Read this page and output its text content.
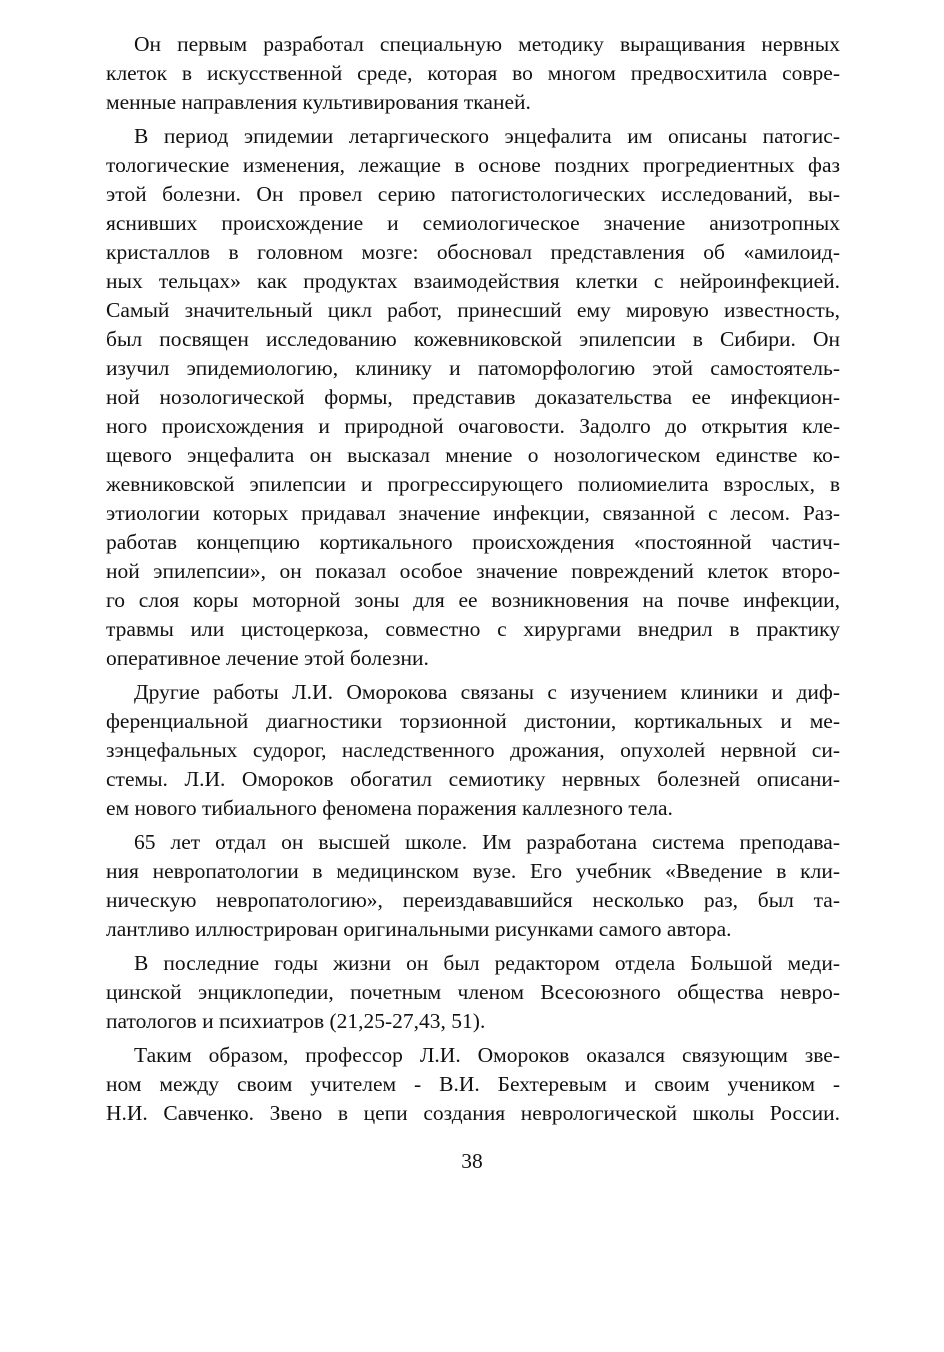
Он первым разработал специальную методику выращивания нервных
клеток в искусственной среде, которая во многом предвосхитила совре-
менные направления культивирования тканей.

В период эпидемии летаргического энцефалита им описаны патогис-
тологические изменения, лежащие в основе поздних прогредиентных фаз
этой болезни. Он провел серию патогистологических исследований, вы-
яснивших происхождение и семиологическое значение анизотропных
кристаллов в головном мозге: обосновал представления об «амилоид-
ных тельцах» как продуктах взаимодействия клетки с нейроинфекцией.
Самый значительный цикл работ, принесший ему мировую известность,
был посвящен исследованию кожевниковской эпилепсии в Сибири. Он
изучил эпидемиологию, клинику и патоморфологию этой самостоятель-
ной нозологической формы, представив доказательства ее инфекцион-
ного происхождения и природной очаговости. Задолго до открытия кле-
щевого энцефалита он высказал мнение о нозологическом единстве ко-
жевниковской эпилепсии и прогрессирующего полиомиелита взрослых, в
этиологии которых придавал значение инфекции, связанной с лесом. Раз-
работав концепцию кортикального происхождения «постоянной частич-
ной эпилепсии», он показал особое значение повреждений клеток второ-
го слоя коры моторной зоны для ее возникновения на почве инфекции,
травмы или цистоцеркоза, совместно с хирургами внедрил в практику
оперативное лечение этой болезни.

Другие работы Л.И. Оморокова связаны с изучением клиники и диф-
ференциальной диагностики торзионной дистонии, кортикальных и ме-
зэнцефальных судорог, наследственного дрожания, опухолей нервной си-
стемы. Л.И. Омороков обогатил семиотику нервных болезней описани-
ем нового тибиального феномена поражения каллезного тела.

65 лет отдал он высшей школе. Им разработана система преподава-
ния невропатологии в медицинском вузе. Его учебник «Введение в кли-
ническую невропатологию», переиздававшийся несколько раз, был та-
лантливо иллюстрирован оригинальными рисунками самого автора.

В последние годы жизни он был редактором отдела Большой меди-
цинской энциклопедии, почетным членом Всесоюзного общества невро-
патологов и психиатров (21,25-27,43, 51).

Таким образом, профессор Л.И. Омороков оказался связующим зве-
ном между своим учителем - В.И. Бехтеревым и своим учеником -
Н.И. Савченко. Звено в цепи создания неврологической школы России.

38
